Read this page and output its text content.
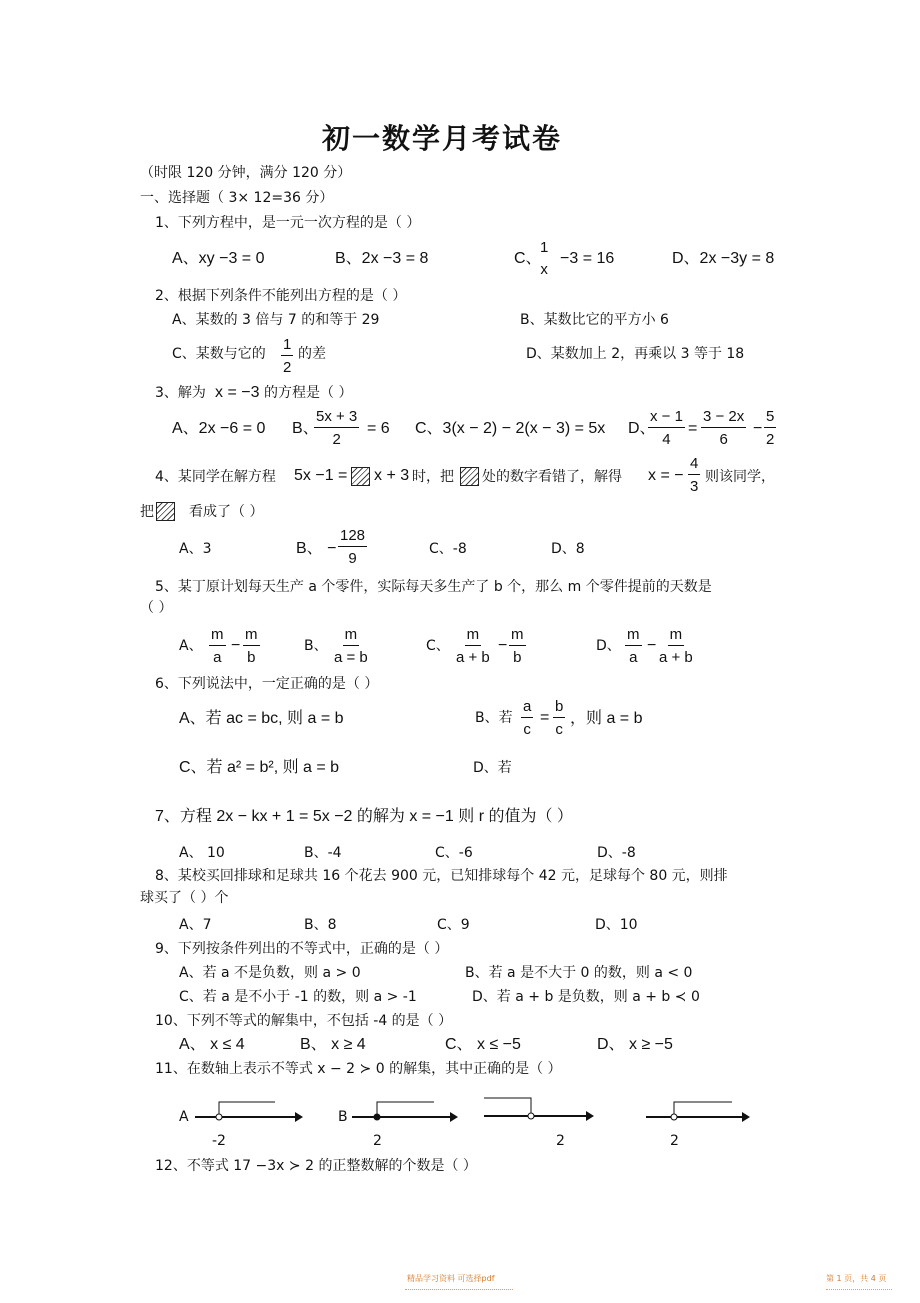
初一数学月考试卷
（时限 120 分钟，满分 120 分）
一、选择题（ 3× 12=36 分）
1、下列方程中，是一元一次方程的是（ ）
A、xy −3 = 0	B、2x −3 = 8	C、
1
x
−3 = 16	D、2x −3y = 8
2、根据下列条件不能列出方程的是（ ）
A、某数的 3 倍与 7 的和等于 29	B、某数比它的平方小 6
C、某数与它的 $\frac{1}{2}$ 的差	D、某数加上 2，再乘以 3 等于 18
3、解为 x = −3 的方程是（ ）
A、2x −6 = 0 B、
$\frac{5x + 3}{2} = 6$ C、3(x − 2) − 2(x − 3) = 5x D、
$\frac{x - 1}{4} = \frac{3 - 2x}{6} - \frac{5}{2}$
4、某同学在解方程 5x −1 = x + 3 时，把 处的数字看错了，解得 x = − $\frac{4}{3}$ 则该同学，
把	看成了（ ）
A、3	B、 − $\frac{128}{9}$	C、-8	D、8
5、某丁原计划每天生产 a 个零件，实际每天多生产了 b 个，那么 m 个零件提前的天数是
（ ）
A、 $\frac{m}{a} - \frac{m}{b}$	B、 $\frac{m}{a = b}$	C、 $\frac{m}{a + b} - \frac{m}{b}$	D、 $\frac{m}{a} - \frac{m}{a + b}$
6、下列说法中，一定正确的是（ ）
A、若 ac = bc, 则 a = b	B、若 $\frac{a}{c} = \frac{b}{c}$ ，则 a = b
C、若 a² = b², 则 a = b	D、若
7、方程 2x − kx + 1 = 5x −2 的解为 x = −1 则 r 的值为（ ）
A、 10	B、-4	C、-6	D、-8
8、某校买回排球和足球共 16 个花去 900 元，已知排球每个 42 元，足球每个 80 元，则排
球买了（ ）个
A、7	B、8	C、9	D、10
9、下列按条件列出的不等式中，正确的是（ ）
A、若 a 不是负数，则 a > 0	B、若 a 是不大于 0 的数，则 a < 0
C、若 a 是不小于 -1 的数，则 a > -1	D、若 a + b 是负数，则 a + b ≺ 0
10、下列不等式的解集中，不包括 -4 的是（ ）
A、 x ≤ 4	B、 x ≥ 4	C、 x ≤ −5	D、 x ≥ −5
11、在数轴上表示不等式 x − 2 ≻ 0 的解集，其中正确的是（ ）
A
-2
B
2	2	2
12、不等式 17 −3x ≻ 2 的正整数解的个数是（ ）
精品学习资料 可选择pdf	第 1 页，共 4 页
